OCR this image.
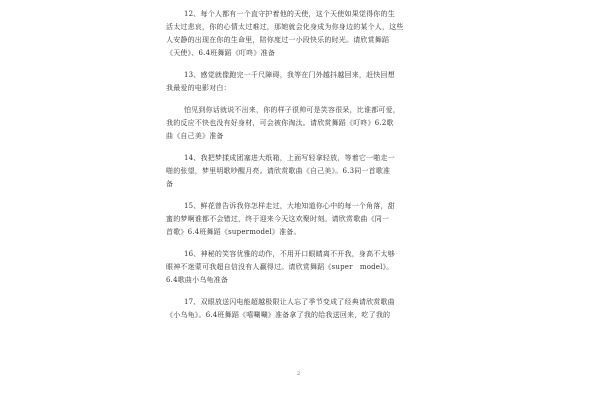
12、每个人都有一个直守护着他的天使，这个天使如果觉得你的生
活太过悲哀，你的心情太过难过，那她就会化身成为你身边的某个人，这些
人安静的出现在你的生命里，陪你度过一小段快乐的时光。请欣赏舞蹈
《天使》、6.4班舞蹈《叮咚》准备
13、感觉就像跑完一千尺障碍，我等在门外越抖越回来，赶快回想
我最爱的电影对白：
怕见到你话就说不出来，你的样子很帅可是笑容很呆，比谁都可爱，
我的反应不快也没有好身材，可会被你淘汰。请欣赏舞蹈《叮咚》6.2歌
曲《自己美》准备
14、我把梦揉成团塞进大纸箱，上面写轻拿轻放，等着它一啪走一
啪的张望，梦里明歌吵醒月亮。请欣赏歌曲《自己美》。6.3同一首歌准
备
15、鲜花曾告诉我你怎样走过，大地知道你心中的每一个角落，甜
蜜的梦啊谁都不会错过，终于迎来今天这欢聚时刻。请欣赏歌曲《同一
首歌》6.4班舞蹈《supermodel》准备。
16、神秘的笑容优雅的动作，不用开口眼睛离不开我，身高不太够
眼神不迷蒙可我超自信没有人赢得过。请欣赏舞蹈《super　model》。
6.4歌曲小乌龟准备
17、双眼放送闪电能超越极限让人忘了季节变成了经典请欣赏歌曲
《小乌龟》。6.4班舞蹈《嘻唰唰》准备拿了我的给我送回来，吃了我的
2
